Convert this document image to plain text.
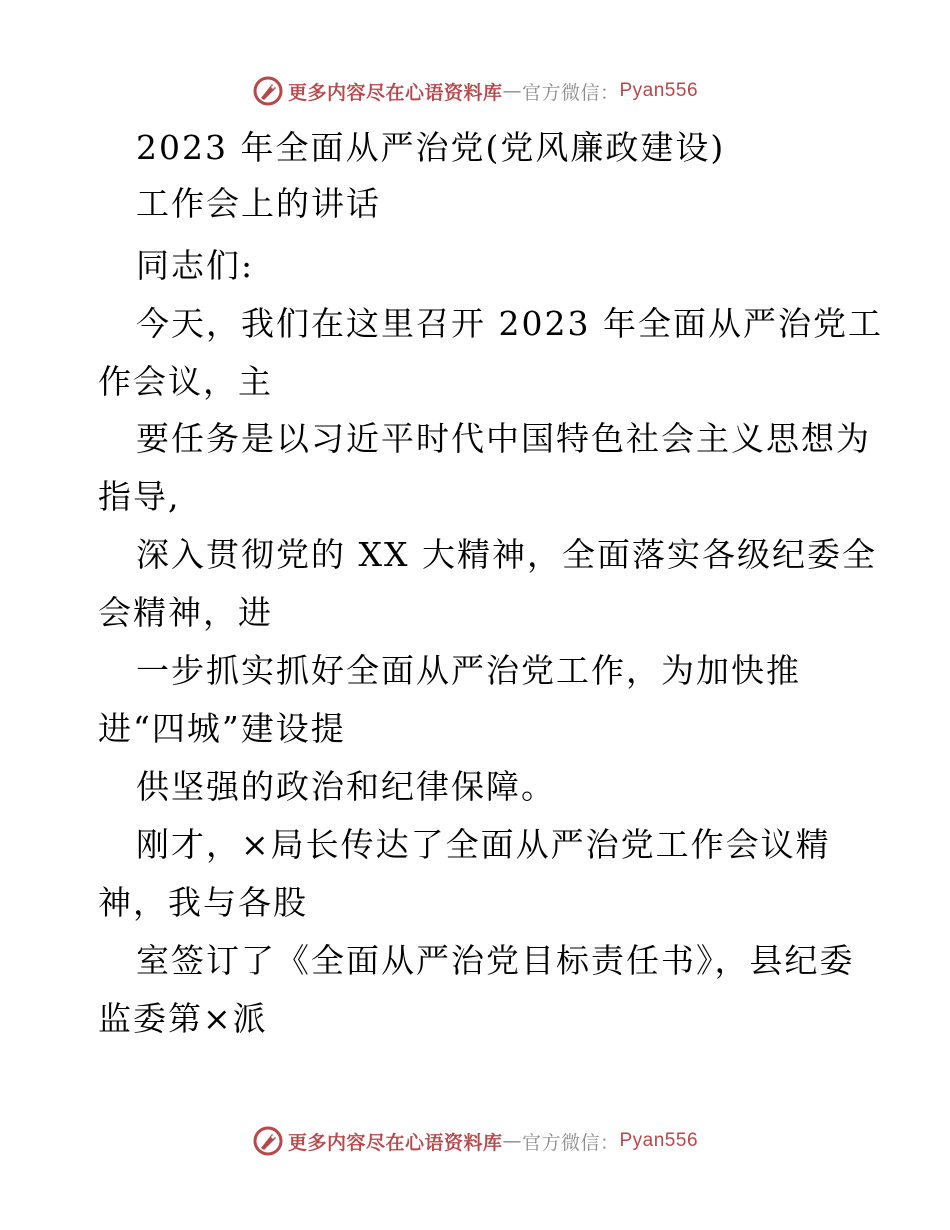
更多内容尽在心语资料库 — 官方微信： Pyan556
2023 年全面从严治党(党风廉政建设)
工作会上的讲话
同志们:
今天，我们在这里召开 2023 年全面从严治党工
作会议，主
要任务是以习近平时代中国特色社会主义思想为
指导,
深入贯彻党的 XX 大精神，全面落实各级纪委全
会精神，进
一步抓实抓好全面从严治党工作，为加快推
进“四城”建设提
供坚强的政治和纪律保障。
刚才，×局长传达了全面从严治党工作会议精
神，我与各股
室签订了《全面从严治党目标责任书》，县纪委
监委第×派
更多内容尽在心语资料库 — 官方微信： Pyan556
